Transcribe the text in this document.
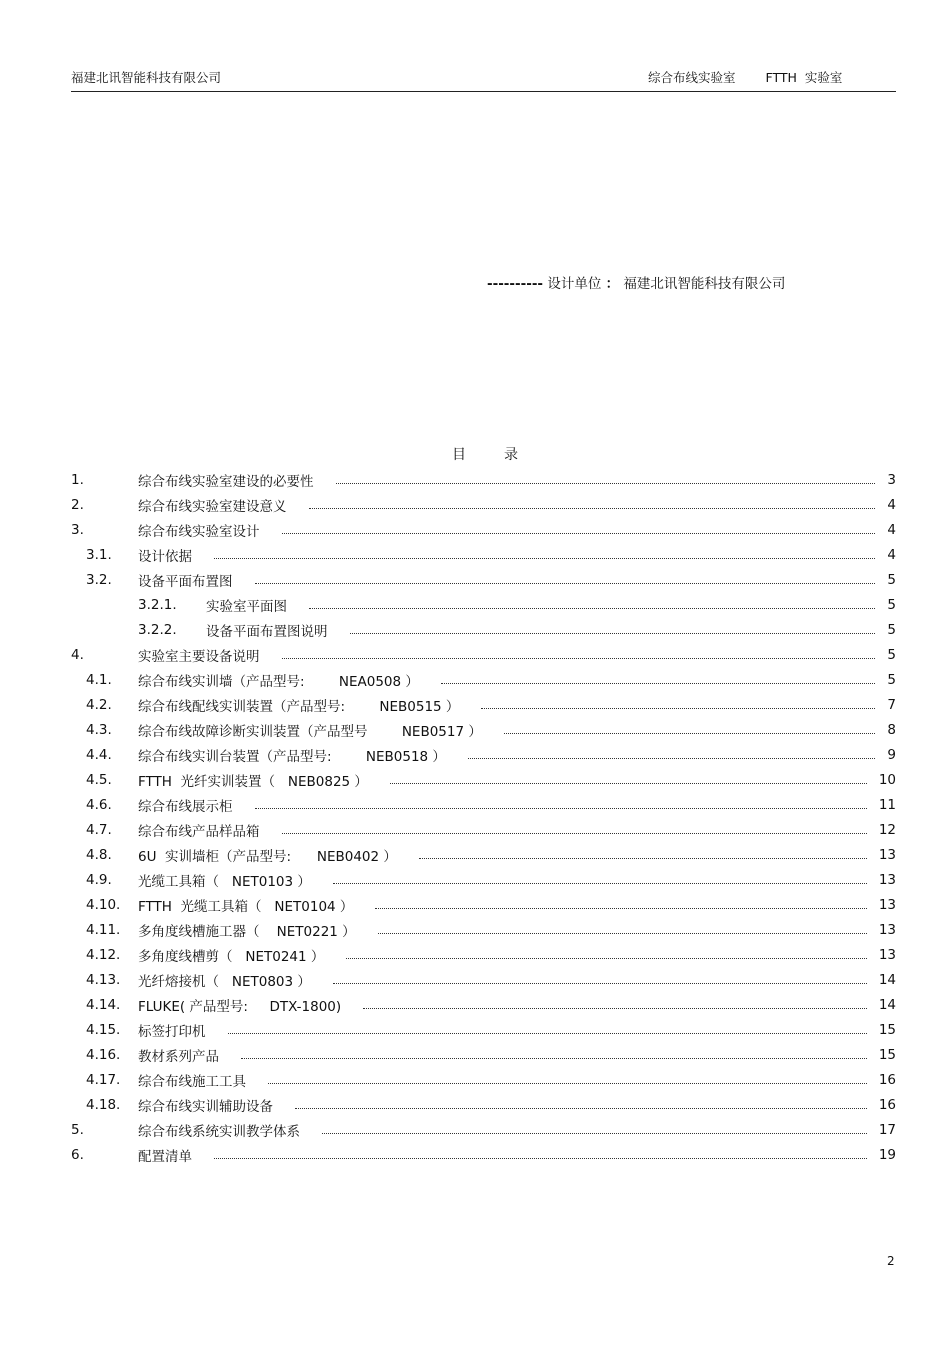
福建北讯智能科技有限公司	综合布线实验室 FTTH  实验室
---------- 设计单位 ： 福建北讯智能科技有限公司
目	录
1.	综合布线实验室建设的必要性	3
2.	综合布线实验室建设意义	4
3.	综合布线实验室设计	4
3.1. 设计依据	4
3.2. 设备平面布置图	5
3.2.1. 实验室平面图	5
3.2.2. 设备平面布置图说明	5
4.	实验室主要设备说明	5
4.1. 综合布线实训墙（产品型号:        NEA0508 ）	5
4.2. 综合布线配线实训装置（产品型号:        NEB0515 ）	7
4.3. 综合布线故障诊断实训装置（产品型号        NEB0517 ）	8
4.4. 综合布线实训台装置（产品型号:        NEB0518 ）	9
4.5. FTTH  光纤实训装置（   NEB0825 ）	10
4.6. 综合布线展示柜	11
4.7. 综合布线产品样品箱	12
4.8. 6U  实训墙柜（产品型号:      NEB0402 ）	13
4.9. 光缆工具箱（   NET0103 ）	13
4.10. FTTH  光缆工具箱（   NET0104 ）	13
4.11. 多角度线槽施工器（    NET0221 ）	13
4.12. 多角度线槽剪（   NET0241 ）	13
4.13. 光纤熔接机（   NET0803 ）	14
4.14. FLUKE( 产品型号:     DTX-1800)	14
4.15. 标签打印机	15
4.16. 教材系列产品	15
4.17. 综合布线施工工具	16
4.18. 综合布线实训辅助设备	16
5.	综合布线系统实训教学体系	17
6.	配置清单	19
2
